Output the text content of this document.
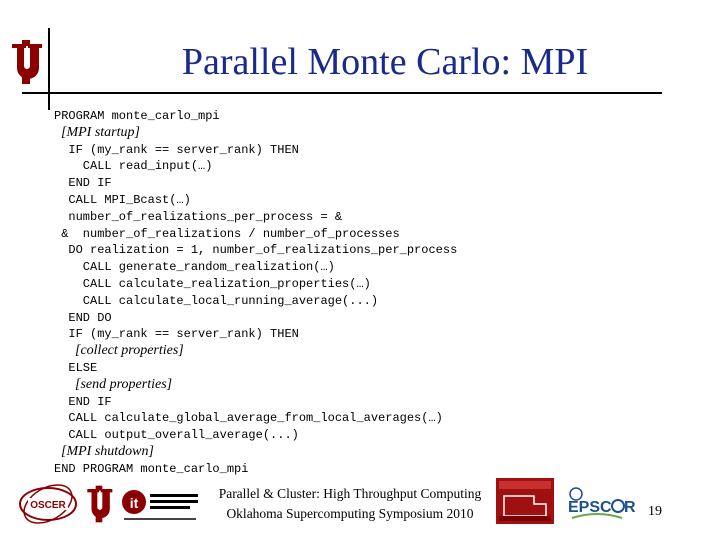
Parallel Monte Carlo: MPI
PROGRAM monte_carlo_mpi
[MPI startup]
IF (my_rank == server_rank) THEN
CALL read_input(…)
END IF
CALL MPI_Bcast(…)
number_of_realizations_per_process = &
&  number_of_realizations / number_of_processes
DO realization = 1, number_of_realizations_per_process
CALL generate_random_realization(…)
CALL calculate_realization_properties(…)
CALL calculate_local_running_average(...)
END DO
IF (my_rank == server_rank) THEN
[collect properties]
ELSE
[send properties]
END IF
CALL calculate_global_average_from_local_averages(…)
CALL output_overall_average(...)
[MPI shutdown]
END PROGRAM monte_carlo_mpi
OSCER	it
Parallel & Cluster: High Throughput Computing
Oklahoma Supercomputing Symposium 2010	EPSC R 19
